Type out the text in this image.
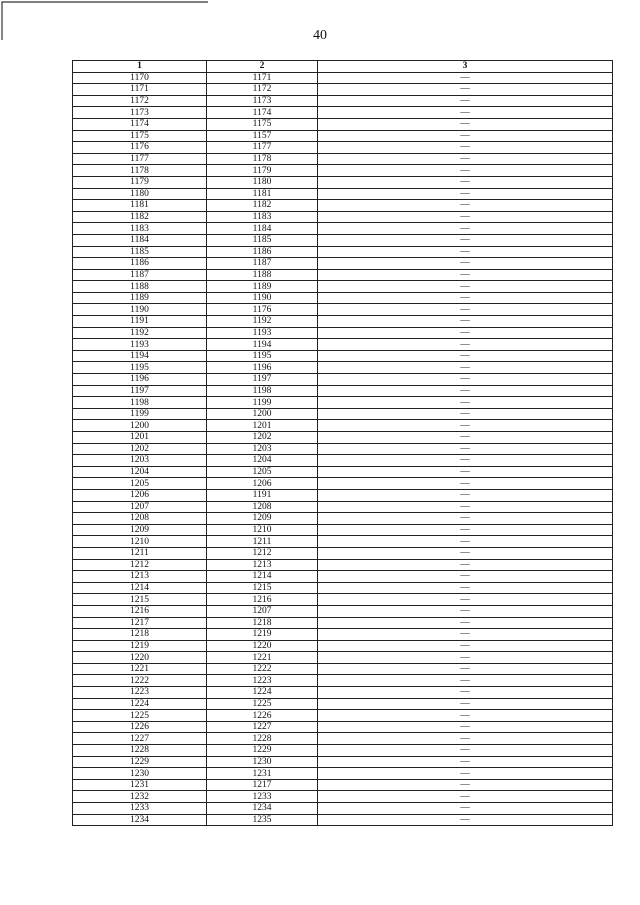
40
1	2	3
1170	1171	—
1171	1172	—
1172	1173	—
1173	1174	—
1174	1175	—
1175	1157	—
1176	1177	—
1177	1178	—
1178	1179	—
1179	1180	—
1180	1181	—
1181	1182	—
1182	1183	—
1183	1184	—
1184	1185	—
1185	1186	—
1186	1187	—
1187	1188	—
1188	1189	—
1189	1190	—
1190	1176	—
1191	1192	—
1192	1193	—
1193	1194	—
1194	1195	—
1195	1196	—
1196	1197	—
1197	1198	—
1198	1199	—
1199	1200	—
1200	1201	—
1201	1202	—
1202	1203	—
1203	1204	—
1204	1205	—
1205	1206	—
1206	1191	—
1207	1208	—
1208	1209	—
1209	1210	—
1210	1211	—
1211	1212	—
1212	1213	—
1213	1214	—
1214	1215	—
1215	1216	—
1216	1207	—
1217	1218	—
1218	1219	—
1219	1220	—
1220	1221	—
1221	1222	—
1222	1223	—
1223	1224	—
1224	1225	—
1225	1226	—
1226	1227	—
1227	1228	—
1228	1229	—
1229	1230	—
1230	1231	—
1231	1217	—
1232	1233	—
1233	1234	—
1234	1235	—
